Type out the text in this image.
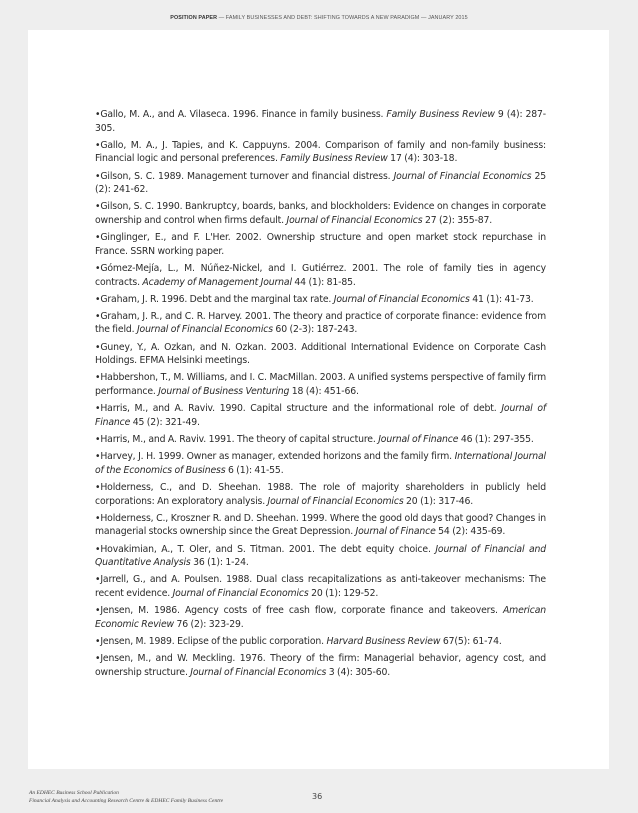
POSITION PAPER — FAMILY BUSINESSES AND DEBT: SHIFTING TOWARDS A NEW PARADIGM — JANUARY 2015

•Gallo, M. A., and A. Vilaseca. 1996. Finance in family business. Family Business Review 9 (4): 287-305.

•Gallo, M. A., J. Tapies, and K. Cappuyns. 2004. Comparison of family and non-family business: Financial logic and personal preferences. Family Business Review 17 (4): 303-18.

•Gilson, S. C. 1989. Management turnover and financial distress. Journal of Financial Economics 25 (2): 241-62.

•Gilson, S. C. 1990. Bankruptcy, boards, banks, and blockholders: Evidence on changes in corporate ownership and control when firms default. Journal of Financial Economics 27 (2): 355-87.

•Ginglinger, E., and F. L'Her. 2002. Ownership structure and open market stock repurchase in France. SSRN working paper.

•Gómez-Mejía, L., M. Núñez-Nickel, and I. Gutiérrez. 2001. The role of family ties in agency contracts. Academy of Management Journal 44 (1): 81-85.

•Graham, J. R. 1996. Debt and the marginal tax rate. Journal of Financial Economics 41 (1): 41-73.

•Graham, J. R., and C. R. Harvey. 2001. The theory and practice of corporate finance: evidence from the field. Journal of Financial Economics 60 (2-3): 187-243.

•Guney, Y., A. Ozkan, and N. Ozkan. 2003. Additional International Evidence on Corporate Cash Holdings. EFMA Helsinki meetings.

•Habbershon, T., M. Williams, and I. C. MacMillan. 2003. A unified systems perspective of family firm performance. Journal of Business Venturing 18 (4): 451-66.

•Harris, M., and A. Raviv. 1990. Capital structure and the informational role of debt. Journal of Finance 45 (2): 321-49.

•Harris, M., and A. Raviv. 1991. The theory of capital structure. Journal of Finance 46 (1): 297-355.

•Harvey, J. H. 1999. Owner as manager, extended horizons and the family firm. International Journal of the Economics of Business 6 (1): 41-55.

•Holderness, C., and D. Sheehan. 1988. The role of majority shareholders in publicly held corporations: An exploratory analysis. Journal of Financial Economics 20 (1): 317-46.

•Holderness, C., Kroszner R. and D. Sheehan. 1999. Where the good old days that good? Changes in managerial stocks ownership since the Great Depression. Journal of Finance 54 (2): 435-69.

•Hovakimian, A., T. Oler, and S. Titman. 2001. The debt equity choice. Journal of Financial and Quantitative Analysis 36 (1): 1-24.

•Jarrell, G., and A. Poulsen. 1988. Dual class recapitalizations as anti-takeover mechanisms: The recent evidence. Journal of Financial Economics 20 (1): 129-52.

•Jensen, M. 1986. Agency costs of free cash flow, corporate finance and takeovers. American Economic Review 76 (2): 323-29.

•Jensen, M. 1989. Eclipse of the public corporation. Harvard Business Review 67(5): 61-74.

•Jensen, M., and W. Meckling. 1976. Theory of the firm: Managerial behavior, agency cost, and ownership structure. Journal of Financial Economics 3 (4): 305-60.

An EDHEC Business School Publication
Financial Analysis and Accounting Research Centre & EDHEC Family Business Centre	36
